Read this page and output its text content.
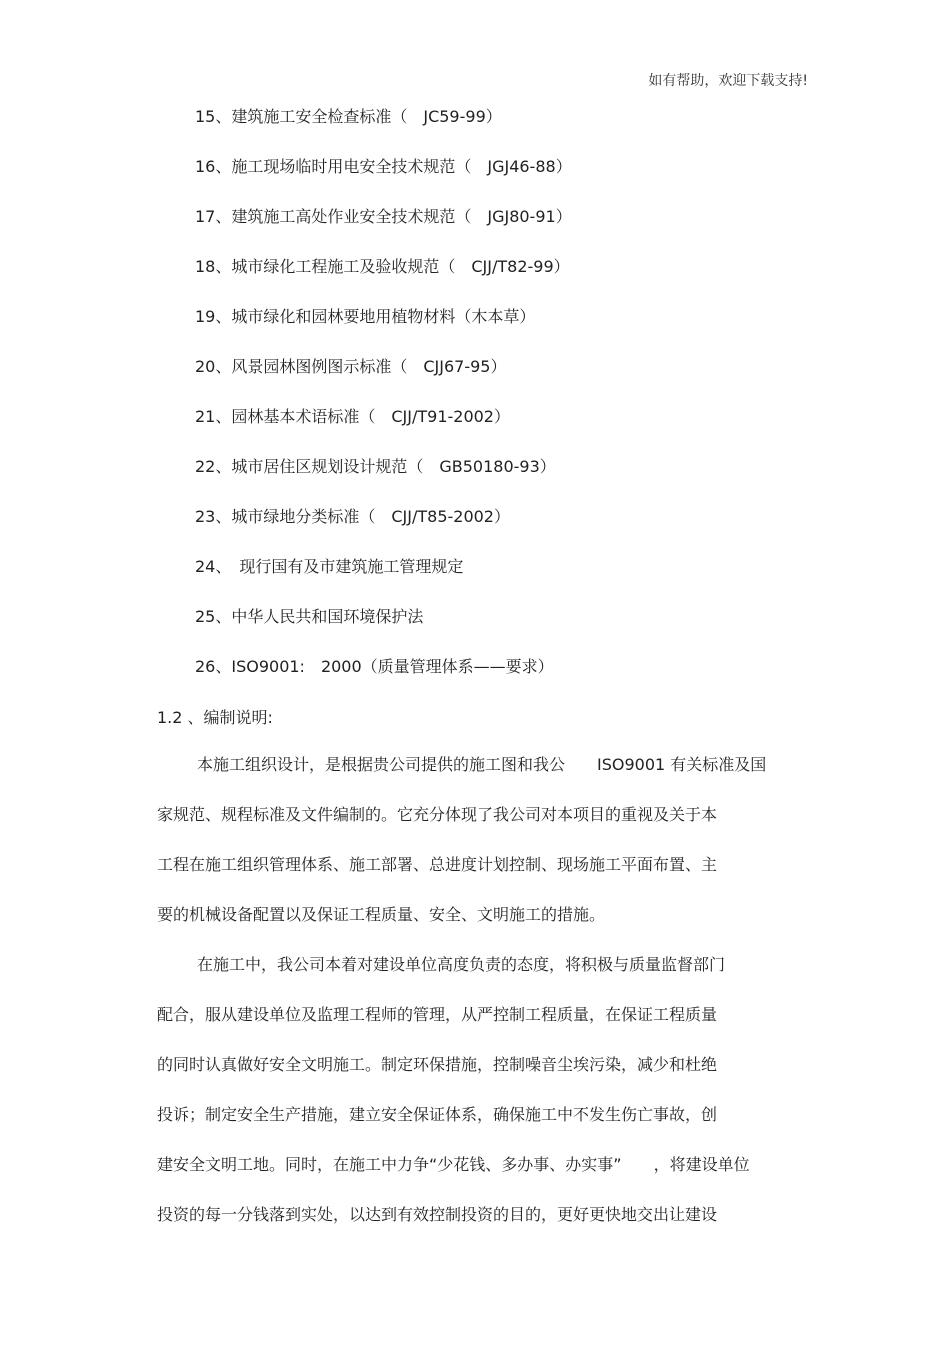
如有帮助，欢迎下载支持!
15、建筑施工安全检查标准（　JC59-99）
16、施工现场临时用电安全技术规范（　JGJ46-88）
17、建筑施工高处作业安全技术规范（　JGJ80-91）
18、城市绿化工程施工及验收规范（　CJJ/T82-99）
19、城市绿化和园林要地用植物材料（木本草）
20、风景园林图例图示标准（　CJJ67-95）
21、园林基本术语标准（　CJJ/T91-2002）
22、城市居住区规划设计规范（　GB50180-93）
23、城市绿地分类标准（　CJJ/T85-2002）
24、　现行国有及市建筑施工管理规定
25、中华人民共和国环境保护法
26、ISO9001:　2000（质量管理体系——要求）
1.2 、编制说明:

本施工组织设计，是根据贵公司提供的施工图和我公　　ISO9001 有关标准及国
家规范、规程标准及文件编制的。它充分体现了我公司对本项目的重视及关于本
工程在施工组织管理体系、施工部署、总进度计划控制、现场施工平面布置、主
要的机械设备配置以及保证工程质量、安全、文明施工的措施。

在施工中，我公司本着对建设单位高度负责的态度，将积极与质量监督部门
配合，服从建设单位及监理工程师的管理，从严控制工程质量，在保证工程质量
的同时认真做好安全文明施工。制定环保措施，控制噪音尘埃污染，减少和杜绝
投诉；制定安全生产措施，建立安全保证体系，确保施工中不发生伤亡事故，创
建安全文明工地。同时，在施工中力争“少花钱、多办事、办实事”　　，将建设单位
投资的每一分钱落到实处，以达到有效控制投资的目的，更好更快地交出让建设
